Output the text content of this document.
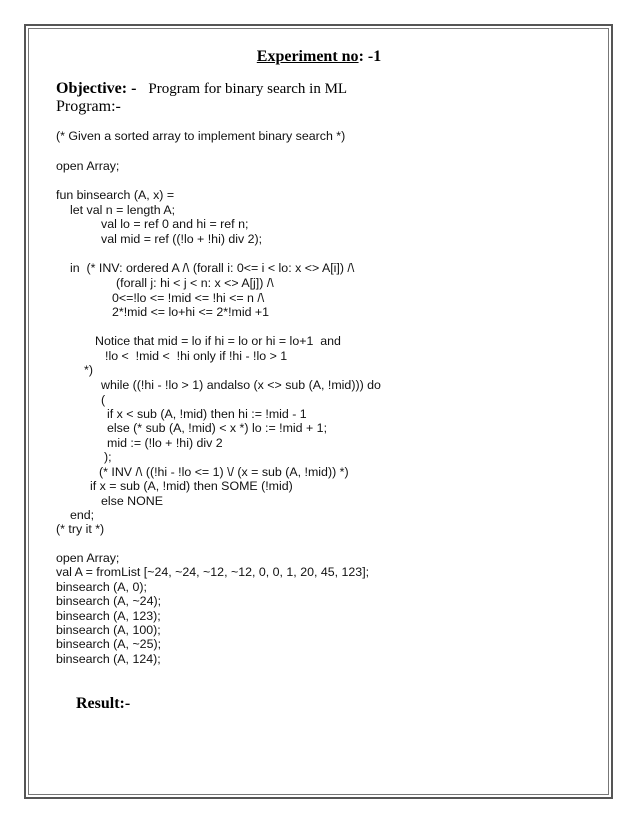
Experiment no: -1
Objective: - Program for binary search in ML
Program:-
(* Given a sorted array to implement binary search *)
open Array;
fun binsearch (A, x) =
let val n = length A;
val lo = ref 0 and hi = ref n;
val mid = ref ((!lo + !hi) div 2);
in  (* INV: ordered A /\ (forall i: 0<= i < lo: x <> A[i]) /\
(forall j: hi < j < n: x <> A[j]) /\
0<=!lo <= !mid <= !hi <= n /\
2*!mid <= lo+hi <= 2*!mid +1
Notice that mid = lo if hi = lo or hi = lo+1  and
!lo <  !mid <  !hi only if !hi - !lo > 1
*)
while ((!hi - !lo > 1) andalso (x <> sub (A, !mid))) do
(
if x < sub (A, !mid) then hi := !mid - 1
else (* sub (A, !mid) < x *) lo := !mid + 1;
mid := (!lo + !hi) div 2
);
(* INV /\ ((!hi - !lo <= 1) \/ (x = sub (A, !mid)) *)
if x = sub (A, !mid) then SOME (!mid)
else NONE
end;
(* try it *)
open Array;
val A = fromList [~24, ~24, ~12, ~12, 0, 0, 1, 20, 45, 123];
binsearch (A, 0);
binsearch (A, ~24);
binsearch (A, 123);
binsearch (A, 100);
binsearch (A, ~25);
binsearch (A, 124);
Result:-
